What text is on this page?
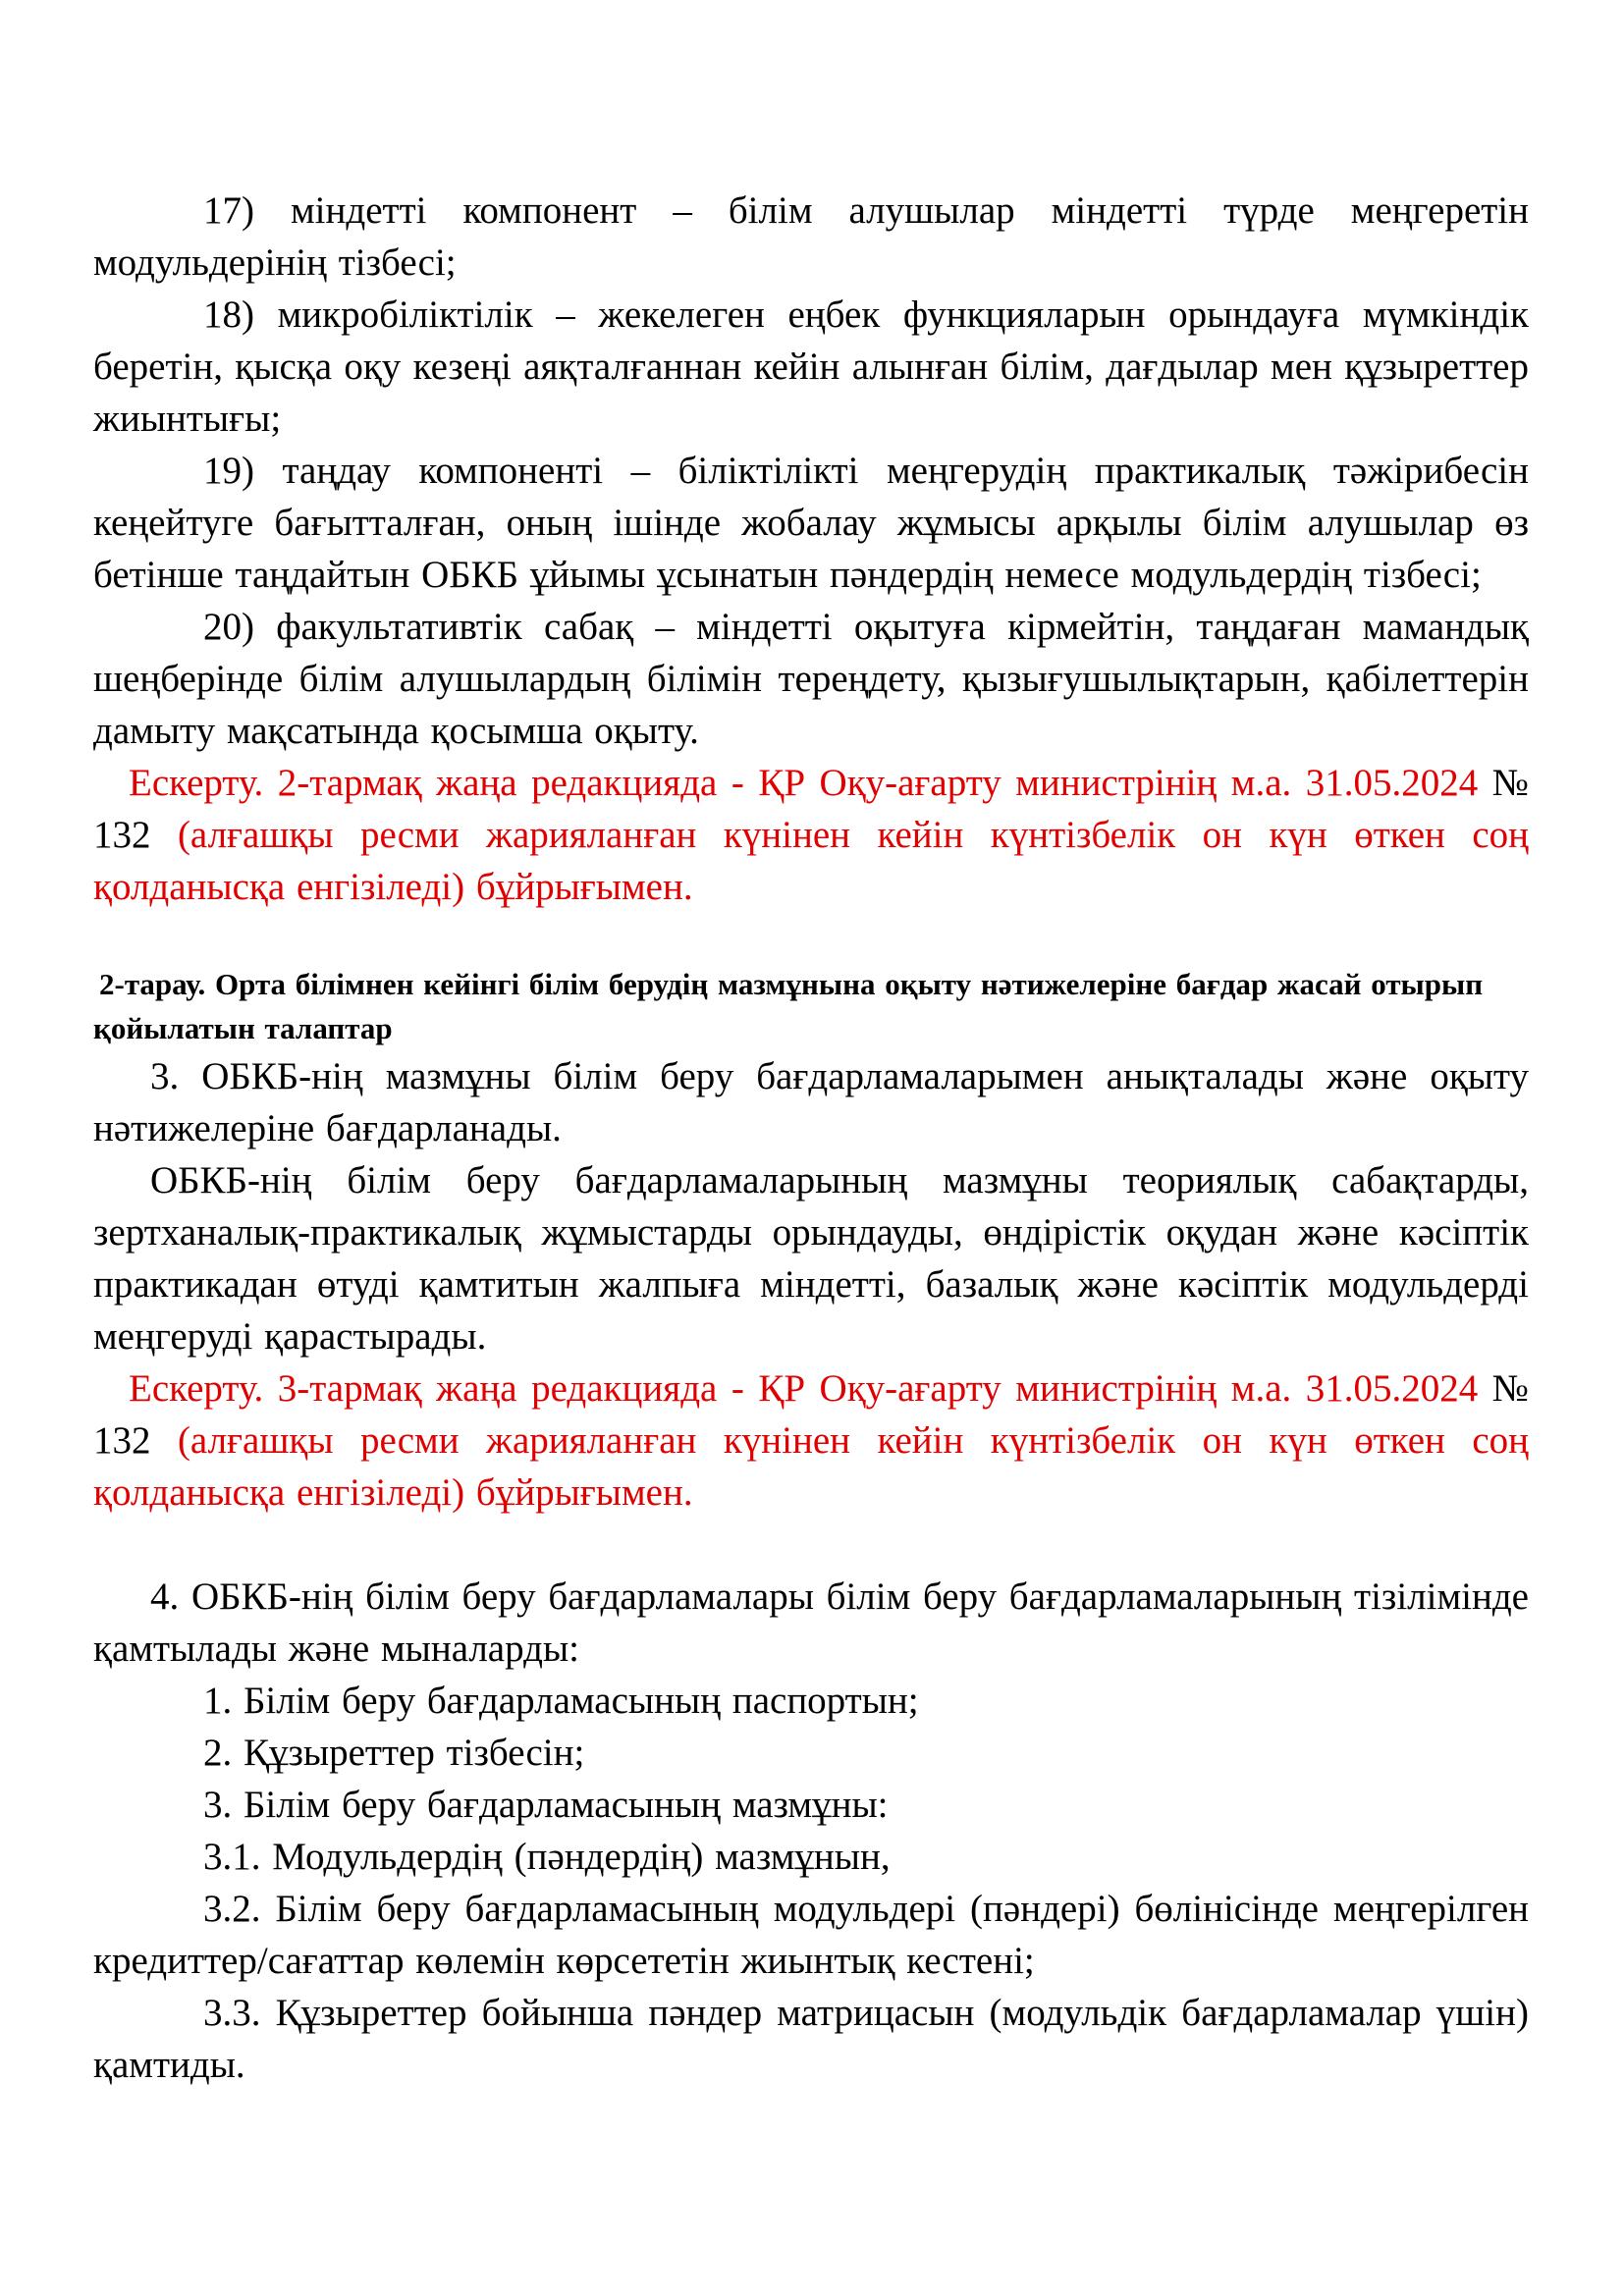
17) міндетті компонент – білім алушылар міндетті түрде меңгеретін модульдерінің тізбесі;

18) микробіліктілік – жекелеген еңбек функцияларын орындауға мүмкіндік беретін, қысқа оқу кезеңі аяқталғаннан кейін алынған білім, дағдылар мен құзыреттер жиынтығы;

19) таңдау компоненті – біліктілікті меңгерудің практикалық тәжірибесін кеңейтуге бағытталған, оның ішінде жобалау жұмысы арқылы білім алушылар өз бетінше таңдайтын ОБКБ ұйымы ұсынатын пәндердің немесе модульдердің тізбесі;

20) факультативтік сабақ – міндетті оқытуға кірмейтін, таңдаған мамандық шеңберінде білім алушылардың білімін тереңдету, қызығушылықтарын, қабілеттерін дамыту мақсатында қосымша оқыту.

Ескерту. 2-тармақ жаңа редакцияда - ҚР Оқу-ағарту министрінің м.а. 31.05.2024 № 132 (алғашқы ресми жарияланған күнінен кейін күнтізбелік он күн өткен соң қолданысқа енгізіледі) бұйрығымен.

2-тарау. Орта білімнен кейінгі білім берудің мазмұнына оқыту нәтижелеріне бағдар жасай отырып қойылатын талаптар

3. ОБКБ-нің мазмұны білім беру бағдарламаларымен анықталады және оқыту нәтижелеріне бағдарланады.

ОБКБ-нің білім беру бағдарламаларының мазмұны теориялық сабақтарды, зертханалық-практикалық жұмыстарды орындауды, өндірістік оқудан және кәсіптік практикадан өтуді қамтитын жалпыға міндетті, базалық және кәсіптік модульдерді меңгеруді қарастырады.

Ескерту. 3-тармақ жаңа редакцияда - ҚР Оқу-ағарту министрінің м.а. 31.05.2024 № 132 (алғашқы ресми жарияланған күнінен кейін күнтізбелік он күн өткен соң қолданысқа енгізіледі) бұйрығымен.

4. ОБКБ-нің білім беру бағдарламалары білім беру бағдарламаларының тізілімінде қамтылады және мыналарды:

1. Білім беру бағдарламасының паспортын;

2. Құзыреттер тізбесін;

3. Білім беру бағдарламасының мазмұны:

3.1. Модульдердің (пәндердің) мазмұнын,

3.2. Білім беру бағдарламасының модульдері (пәндері) бөлінісінде меңгерілген кредиттер/сағаттар көлемін көрсететін жиынтық кестені;

3.3. Құзыреттер бойынша пәндер матрицасын (модульдік бағдарламалар үшін) қамтиды.
